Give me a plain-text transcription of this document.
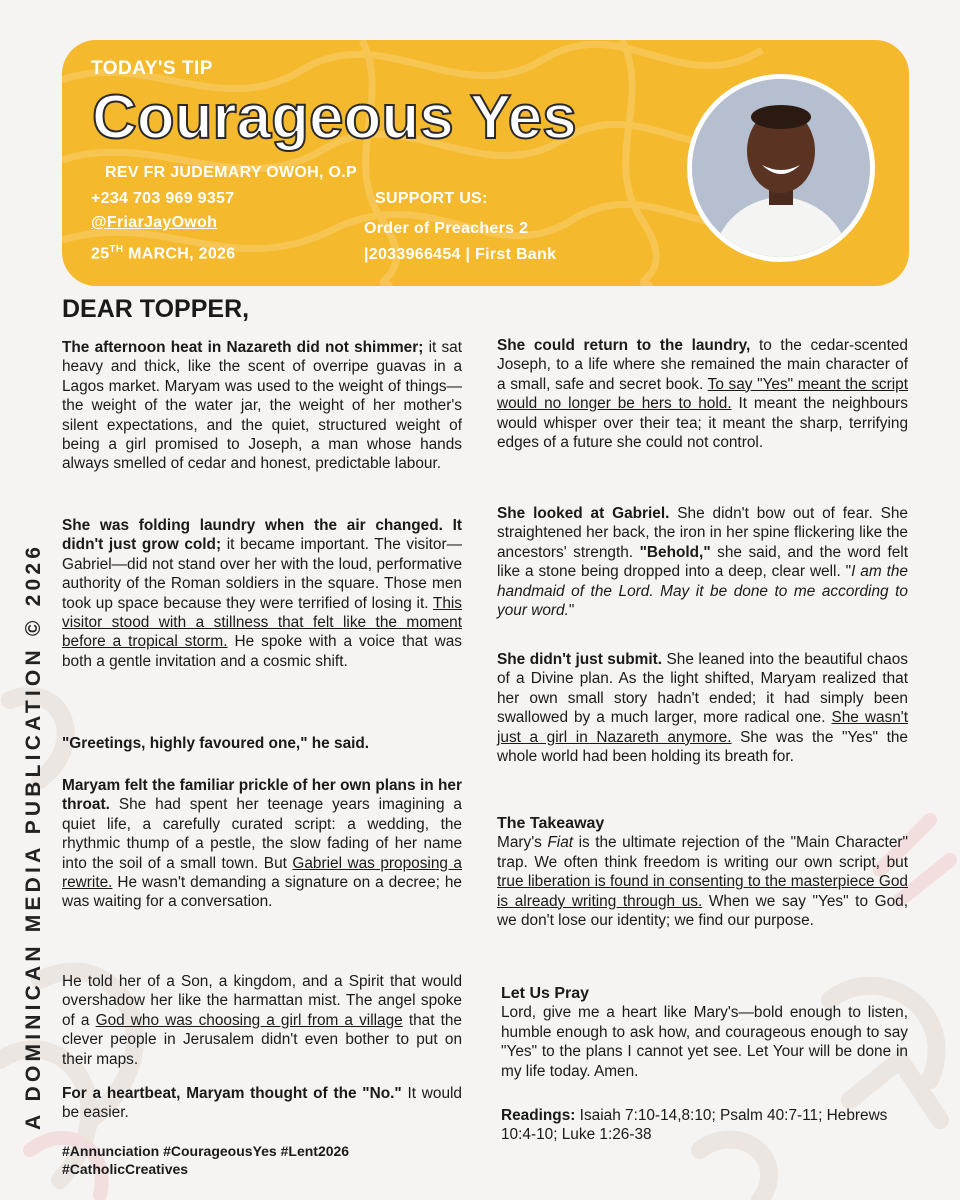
TODAY'S TIP
Courageous Yes
REV FR JUDEMARY OWOH, O.P
+234 703 969 9357
@FriarJayOwoh
25TH MARCH, 2026
SUPPORT US:
Order of Preachers 2
|2033966454 | First Bank
A DOMINICAN MEDIA PUBLICATION © 2026
DEAR TOPPER,

The afternoon heat in Nazareth did not shimmer; it sat heavy and thick, like the scent of overripe guavas in a Lagos market. Maryam was used to the weight of things—the weight of the water jar, the weight of her mother's silent expectations, and the quiet, structured weight of being a girl promised to Joseph, a man whose hands always smelled of cedar and honest, predictable labour.

She was folding laundry when the air changed. It didn't just grow cold; it became important. The visitor—Gabriel—did not stand over her with the loud, performative authority of the Roman soldiers in the square. Those men took up space because they were terrified of losing it. This visitor stood with a stillness that felt like the moment before a tropical storm. He spoke with a voice that was both a gentle invitation and a cosmic shift.

"Greetings, highly favoured one," he said.

Maryam felt the familiar prickle of her own plans in her throat. She had spent her teenage years imagining a quiet life, a carefully curated script: a wedding, the rhythmic thump of a pestle, the slow fading of her name into the soil of a small town. But Gabriel was proposing a rewrite. He wasn't demanding a signature on a decree; he was waiting for a conversation.

He told her of a Son, a kingdom, and a Spirit that would overshadow her like the harmattan mist. The angel spoke of a God who was choosing a girl from a village that the clever people in Jerusalem didn't even bother to put on their maps.

For a heartbeat, Maryam thought of the "No." It would be easier.

#Annunciation #CourageousYes #Lent2026
#CatholicCreatives

She could return to the laundry, to the cedar-scented Joseph, to a life where she remained the main character of a small, safe and secret book. To say "Yes" meant the script would no longer be hers to hold. It meant the neighbours would whisper over their tea; it meant the sharp, terrifying edges of a future she could not control.

She looked at Gabriel. She didn't bow out of fear. She straightened her back, the iron in her spine flickering like the ancestors' strength. "Behold," she said, and the word felt like a stone being dropped into a deep, clear well. "I am the handmaid of the Lord. May it be done to me according to your word."

She didn't just submit. She leaned into the beautiful chaos of a Divine plan. As the light shifted, Maryam realized that her own small story hadn't ended; it had simply been swallowed by a much larger, more radical one. She wasn't just a girl in Nazareth anymore. She was the "Yes" the whole world had been holding its breath for.

The Takeaway

Mary's Fiat is the ultimate rejection of the "Main Character" trap. We often think freedom is writing our own script, but true liberation is found in consenting to the masterpiece God is already writing through us. When we say "Yes" to God, we don't lose our identity; we find our purpose.

Let Us Pray

Lord, give me a heart like Mary's—bold enough to listen, humble enough to ask how, and courageous enough to say "Yes" to the plans I cannot yet see. Let Your will be done in my life today. Amen.

Readings: Isaiah 7:10-14,8:10; Psalm 40:7-11; Hebrews 10:4-10; Luke 1:26-38
